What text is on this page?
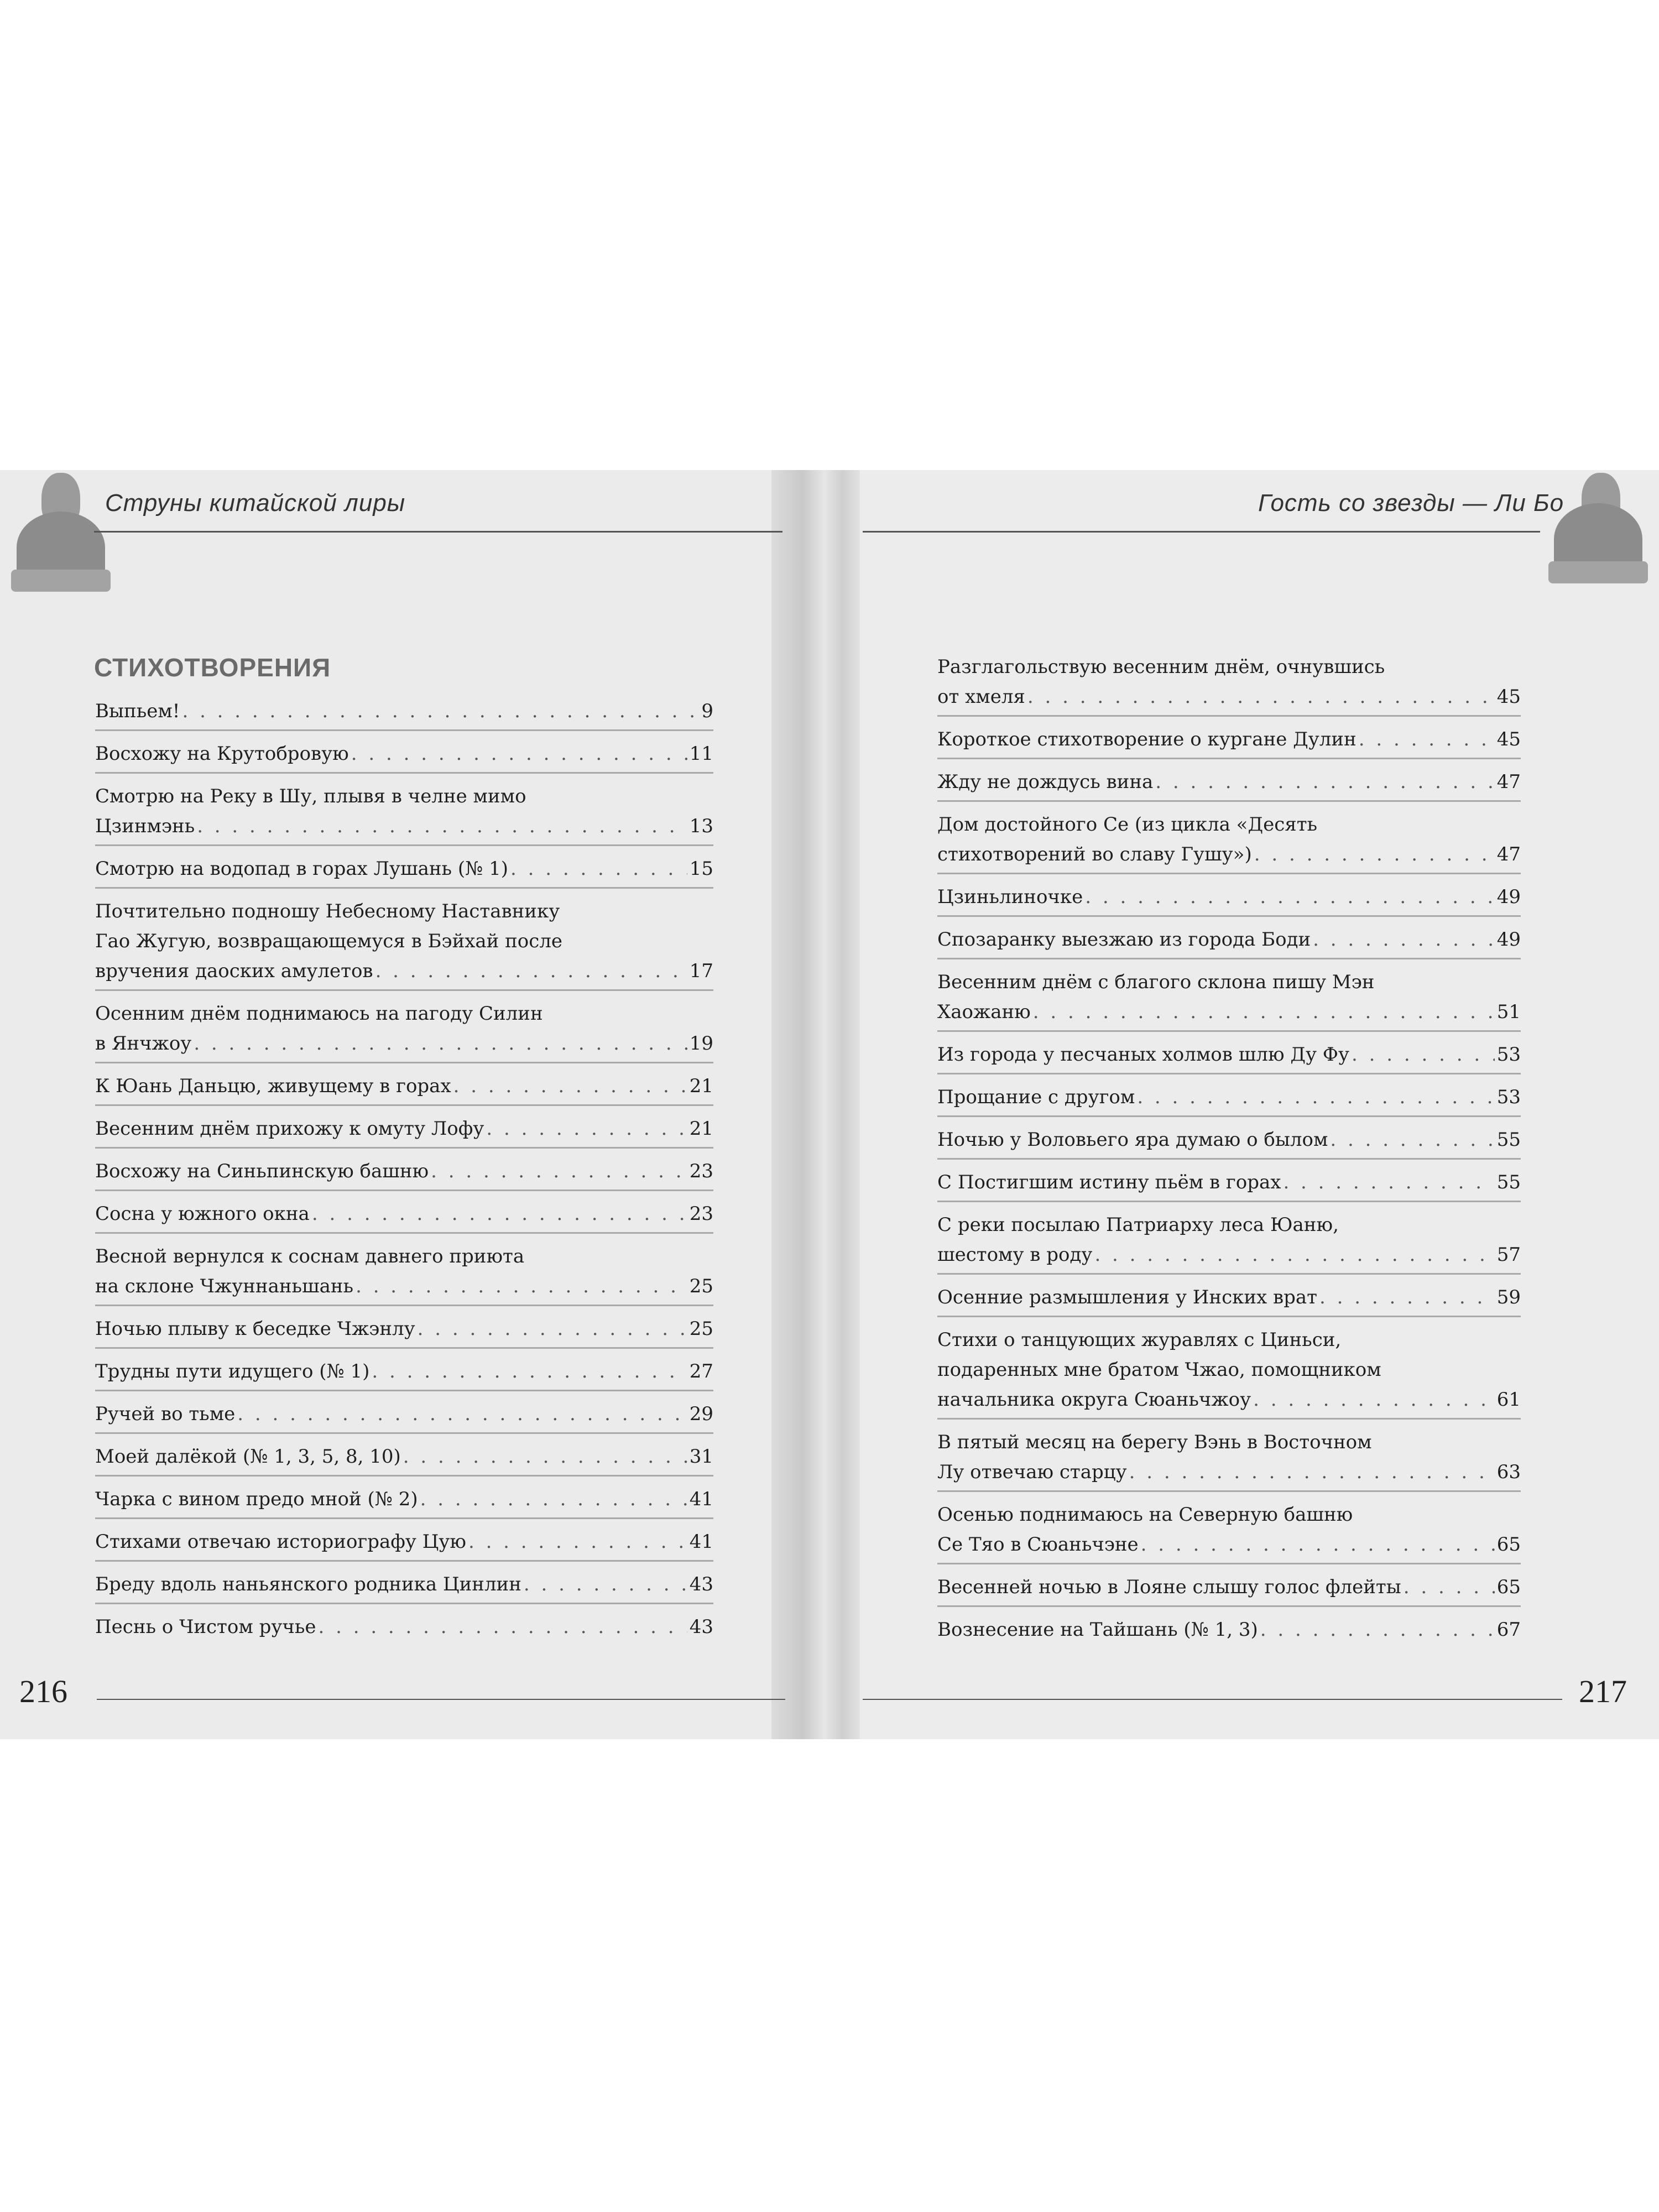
Струны китайской лиры	Гость со звезды — Ли Бо
СТИХОТВОРЕНИЯ
Выпьем! . . .	9
Восхожу на Крутобровую . . .	11
Смотрю на Реку в Шу, плывя в челне мимо
Цзинмэнь . . .	13
Смотрю на водопад в горах Лушань (№ 1) . . .	15
Почтительно подношу Небесному Наставнику
Гао Жугую, возвращающемуся в Бэйхай после
вручения даоских амулетов . . .	17
Осенним днём поднимаюсь на пагоду Силин
в Янчжоу . . .	19
К Юань Даньцю, живущему в горах . . .	21
Весенним днём прихожу к омуту Лофу . . .	21
Восхожу на Синьпинскую башню . . .	23
Сосна у южного окна . . .	23
Весной вернулся к соснам давнего приюта
на склоне Чжуннаньшань . . .	25
Ночью плыву к беседке Чжэнлу . . .	25
Трудны пути идущего (№ 1) . . .	27
Ручей во тьме . . .	29
Моей далёкой (№ 1, 3, 5, 8, 10) . . .	31
Чарка с вином предо мной (№ 2) . . .	41
Стихами отвечаю историографу Цую . . .	41
Бреду вдоль наньянского родника Цинлин . . .	43
Песнь о Чистом ручье . . .	43
Разглагольствую весенним днём, очнувшись
от хмеля . . .	45
Короткое стихотворение о кургане Дулин . . .	45
Жду не дождусь вина . . .	47
Дом достойного Се (из цикла «Десять
стихотворений во славу Гушу») . . .	47
Цзиньлиночке . . .	49
Спозаранку выезжаю из города Боди . . .	49
Весенним днём с благого склона пишу Мэн
Хаожаню . . .	51
Из города у песчаных холмов шлю Ду Фу . . .	53
Прощание с другом . . .	53
Ночью у Воловьего яра думаю о былом . . .	55
С Постигшим истину пьём в горах . . .	55
С реки посылаю Патриарху леса Юаню,
шестому в роду . . .	57
Осенние размышления у Инских врат . . .	59
Стихи о танцующих журавлях с Циньси,
подаренных мне братом Чжао, помощником
начальника округа Сюаньчжоу . . .	61
В пятый месяц на берегу Вэнь в Восточном
Лу отвечаю старцу . . .	63
Осенью поднимаюсь на Северную башню
Се Тяо в Сюаньчэне . . .	65
Весенней ночью в Лояне слышу голос флейты . . .	65
Вознесение на Тайшань (№ 1, 3) . . .	67
216	217
